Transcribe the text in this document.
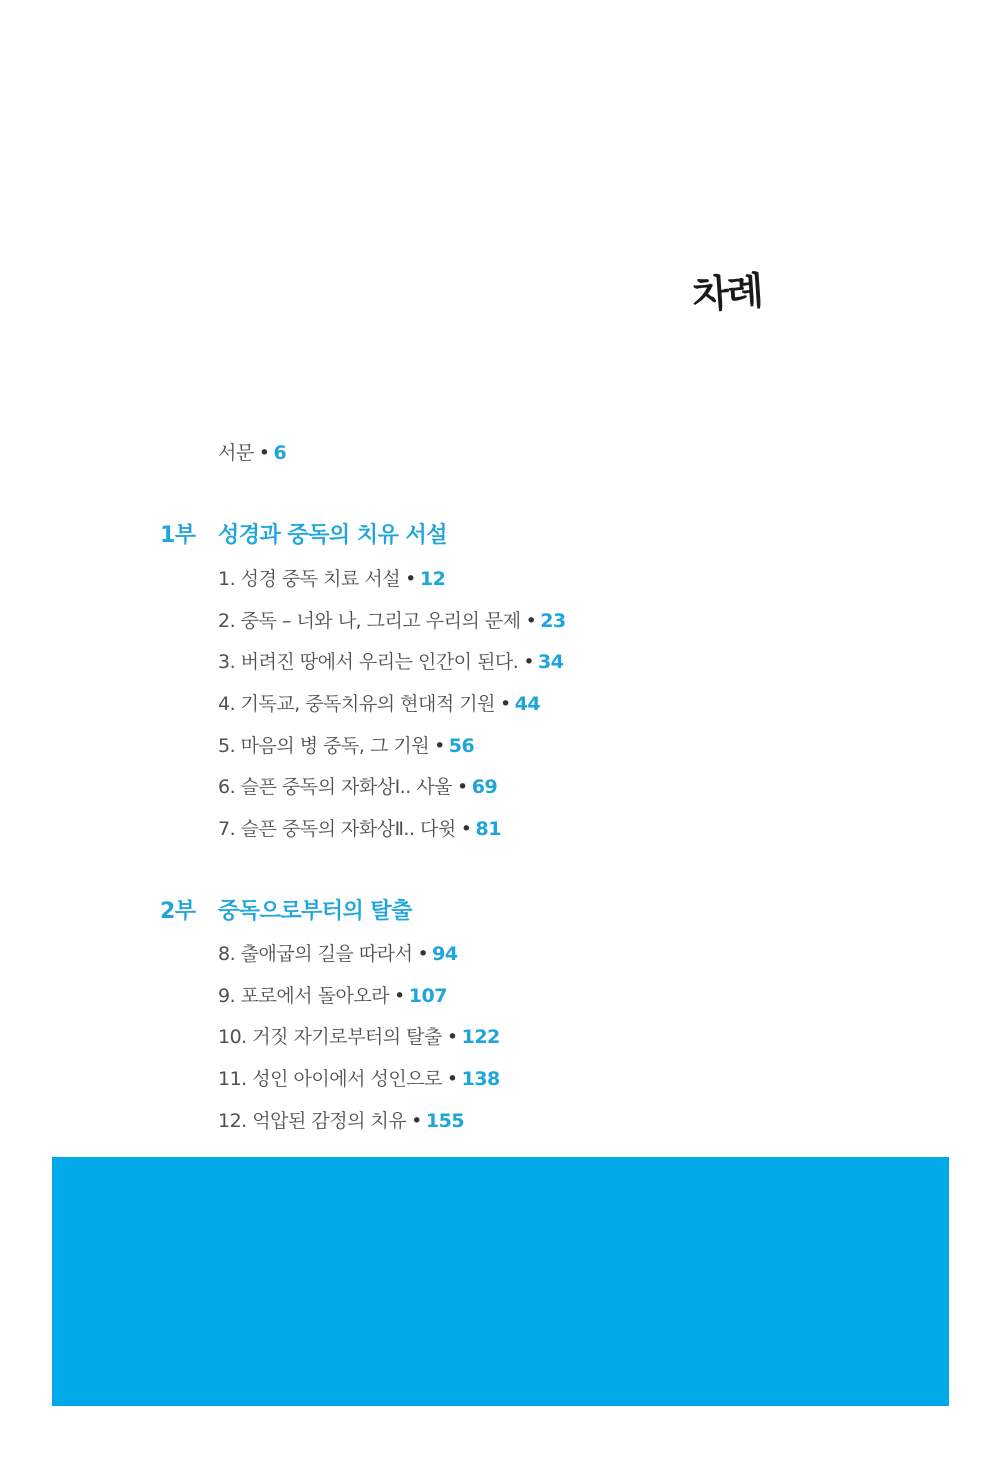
차례
서문 • 6
1부 성경과 중독의 치유 서설
1. 성경 중독 치료 서설 • 12
2. 중독 – 너와 나, 그리고 우리의 문제 • 23
3. 버려진 땅에서 우리는 인간이 된다. • 34
4. 기독교, 중독치유의 현대적 기원 • 44
5. 마음의 병 중독, 그 기원 • 56
6. 슬픈 중독의 자화상Ⅰ.. 사울 • 69
7. 슬픈 중독의 자화상Ⅱ.. 다윗 • 81
2부 중독으로부터의 탈출
8. 출애굽의 길을 따라서 • 94
9. 포로에서 돌아오라 • 107
10. 거짓 자기로부터의 탈출 • 122
11. 성인 아이에서 성인으로 • 138
12. 억압된 감정의 치유 • 155
